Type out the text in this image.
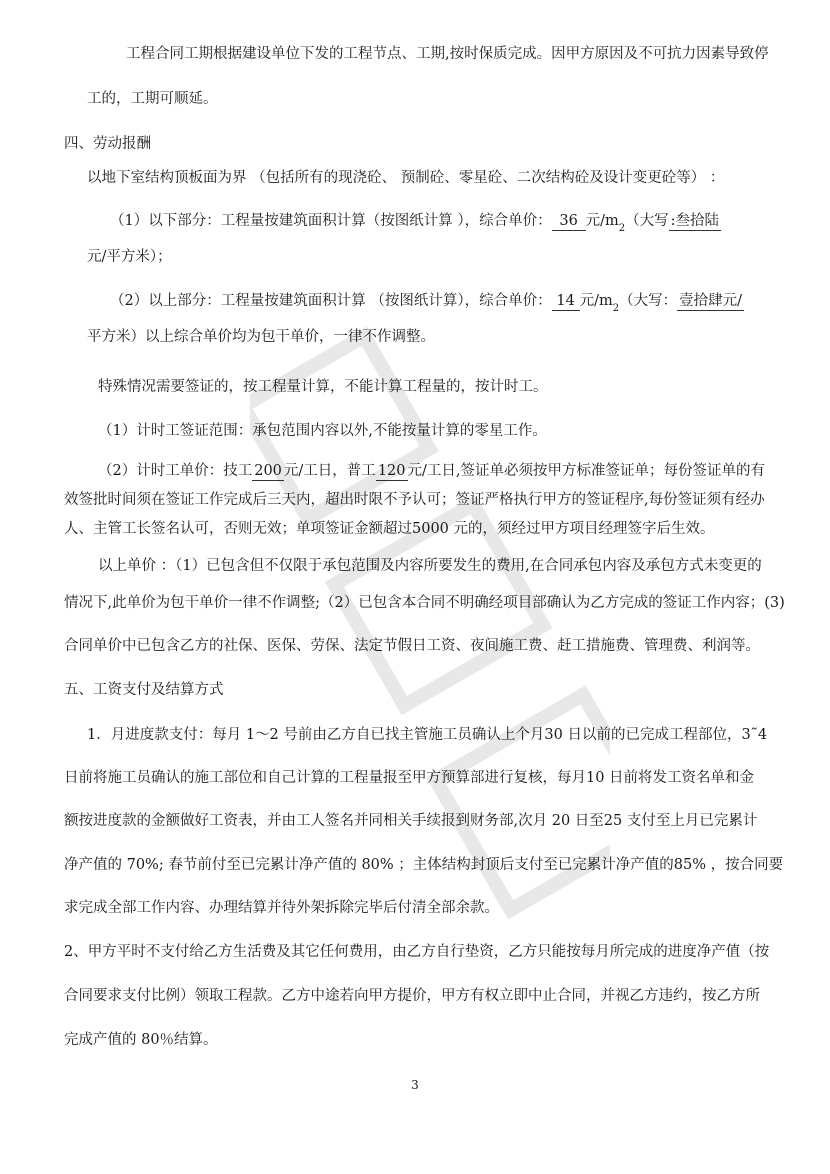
工程合同工期根据建设单位下发的工程节点、工期,按时保质完成。因甲方原因及不可抗力因素导致停
工的，工期可顺延。
四、劳动报酬
以地下室结构顶板面为界 （包括所有的现浇砼、 预制砼、零星砼、二次结构砼及设计变更砼等） ：
（1）以下部分：工程量按建筑面积计算（按图纸计算 ），综合单价： 36 元$/m_2$（大写 :叁拾陆
元/平方米）；
（2）以上部分：工程量按建筑面积计算 （按图纸计算），综合单价： 14 元$/m_2$（大写： 壹拾肆元/
平方米）以上综合单价均为包干单价，一律不作调整。
特殊情况需要签证的，按工程量计算，不能计算工程量的，按计时工。
（1）计时工签证范围：承包范围内容以外,不能按量计算的零星工作。
（2）计时工单价：技工 200 元/工日，普工 120 元/工日,签证单必须按甲方标准签证单；每份签证单的有
效签批时间须在签证工作完成后三天内，超出时限不予认可；签证严格执行甲方的签证程序,每份签证须有经办
人、主管工长签名认可，否则无效；单项签证金额超过5000 元的，须经过甲方项目经理签字后生效。
以上单价 ：（1）已包含但不仅限于承包范围及内容所要发生的费用,在合同承包内容及承包方式未变更的
情况下,此单价为包干单价一律不作调整;（2）已包含本合同不明确经项目部确认为乙方完成的签证工作内容；(3)
合同单价中已包含乙方的社保、医保、劳保、法定节假日工资、夜间施工费、赶工措施费、管理费、利润等。
五、工资支付及结算方式
1．月进度款支付：每月 1～2 号前由乙方自已找主管施工员确认上个月30 日以前的已完成工程部位，3˜4
日前将施工员确认的施工部位和自己计算的工程量报至甲方预算部进行复核，每月10 日前将发工资名单和金
额按进度款的金额做好工资表，并由工人签名并同相关手续报到财务部,次月 20 日至25 支付至上月已完累计
净产值的 70%; 春节前付至已完累计净产值的 80% ；主体结构封顶后支付至已完累计净产值的85% ，按合同要
求完成全部工作内容、办理结算并待外架拆除完毕后付清全部余款。
2、甲方平时不支付给乙方生活费及其它任何费用，由乙方自行垫资，乙方只能按每月所完成的进度净产值（按
合同要求支付比例）领取工程款。乙方中途若向甲方提价，甲方有权立即中止合同，并视乙方违约，按乙方所
完成产值的 80％结算。
3
